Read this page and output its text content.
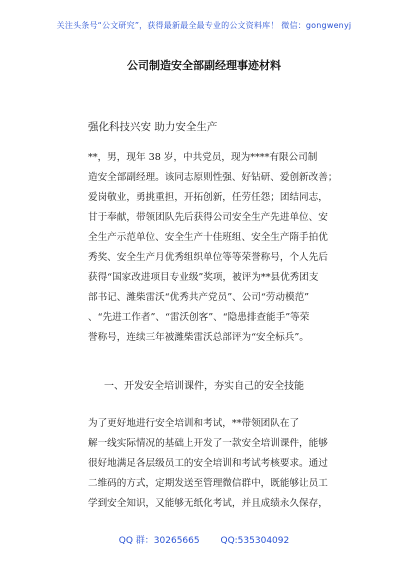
关注头条号“公文研究”，获得最新最全最专业的公文资料库！ 微信：gongwenyj
公司制造安全部副经理事迹材料
强化科技兴安 助力安全生产
**，男，现年 38 岁，中共党员，现为****有限公司制
造安全部副经理。该同志原则性强、好钻研、爱创新改善；
爱岗敬业，勇挑重担，开拓创新，任劳任怨；团结同志，
甘于奉献，带领团队先后获得公司安全生产先进单位、安
全生产示范单位、安全生产十佳班组、安全生产隋手拍优
秀奖、安全生产月优秀组织单位等等荣誉称号，个人先后
获得“国家改进项目专业级”奖项，被评为**县优秀团支
部书记、潍柴雷沃“优秀共产党员”、公司“劳动模范”
、“先进工作者”、“雷沃创客”、“隐患排查能手”等荣
誉称号，连续三年被潍柴雷沃总部评为“安全标兵”。
一、开发安全培训课件，夯实自己的安全技能
为了更好地进行安全培训和考试，**带领团队在了
解一线实际情况的基础上开发了一款安全培训课件，能够
很好地满足各层级员工的安全培训和考试考核要求。通过
二维码的方式，定期发送至管理微信群中，既能够让员工
学到安全知识，又能够无纸化考试，并且成绩永久保存，
QQ 群：30265665 QQ:535304092
